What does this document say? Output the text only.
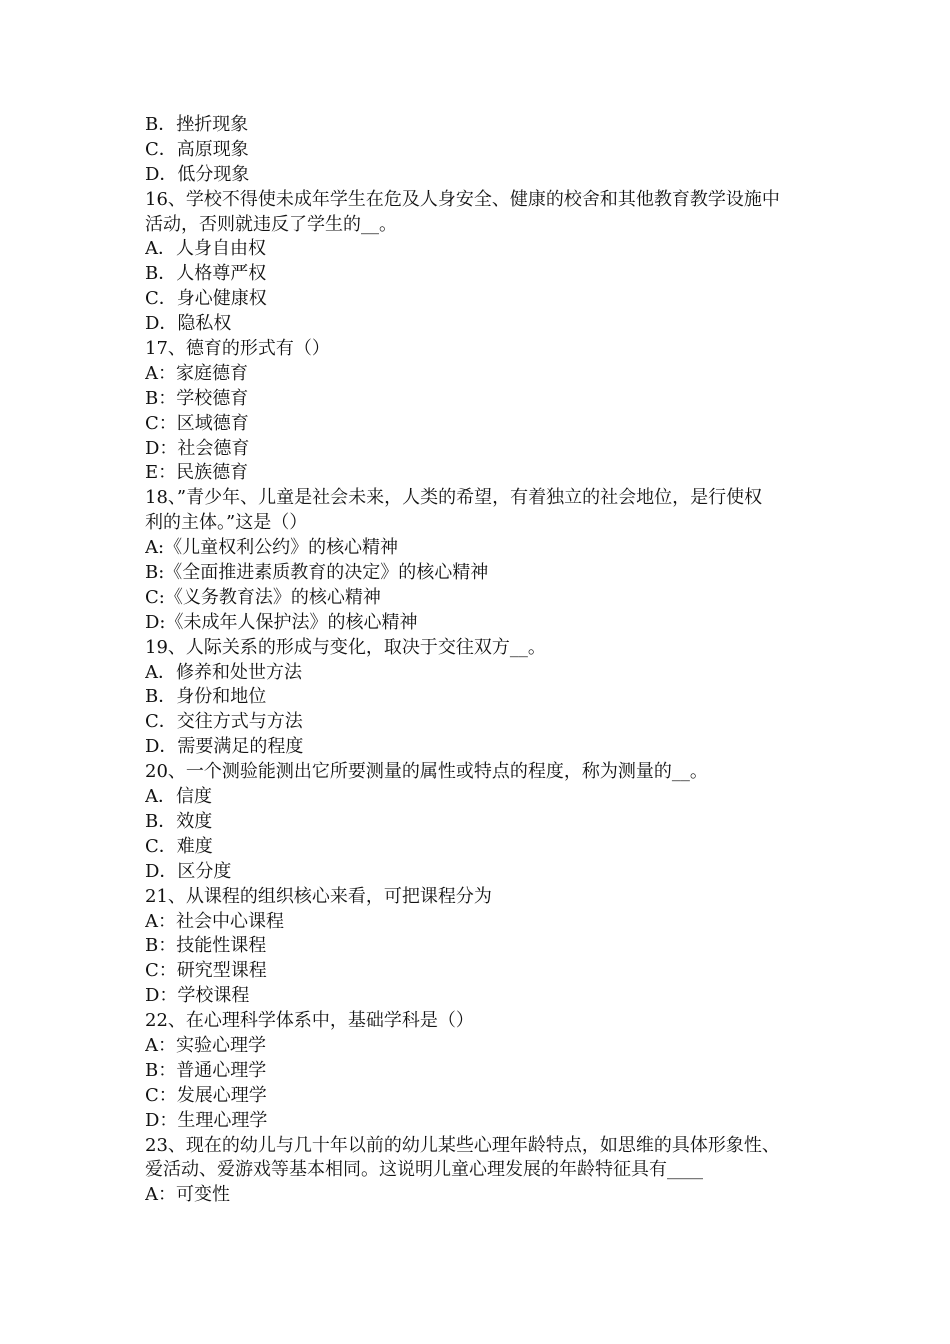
B．挫折现象
C．高原现象
D．低分现象
16、学校不得使未成年学生在危及人身安全、健康的校舍和其他教育教学设施中
活动，否则就违反了学生的__。
A．人身自由权
B．人格尊严权
C．身心健康权
D．隐私权
17、德育的形式有（）
A：家庭德育
B：学校德育
C：区域德育
D：社会德育
E：民族德育
18、”青少年、儿童是社会未来，人类的希望，有着独立的社会地位，是行使权
利的主体。”这是（）
A:《儿童权利公约》的核心精神
B:《全面推进素质教育的决定》的核心精神
C:《义务教育法》的核心精神
D:《未成年人保护法》的核心精神
19、人际关系的形成与变化，取决于交往双方__。
A．修养和处世方法
B．身份和地位
C．交往方式与方法
D．需要满足的程度
20、一个测验能测出它所要测量的属性或特点的程度，称为测量的__。
A．信度
B．效度
C．难度
D．区分度
21、从课程的组织核心来看，可把课程分为
A：社会中心课程
B：技能性课程
C：研究型课程
D：学校课程
22、在心理科学体系中，基础学科是（）
A：实验心理学
B：普通心理学
C：发展心理学
D：生理心理学
23、现在的幼儿与几十年以前的幼儿某些心理年龄特点，如思维的具体形象性、
爱活动、爱游戏等基本相同。这说明儿童心理发展的年龄特征具有____
A：可变性
